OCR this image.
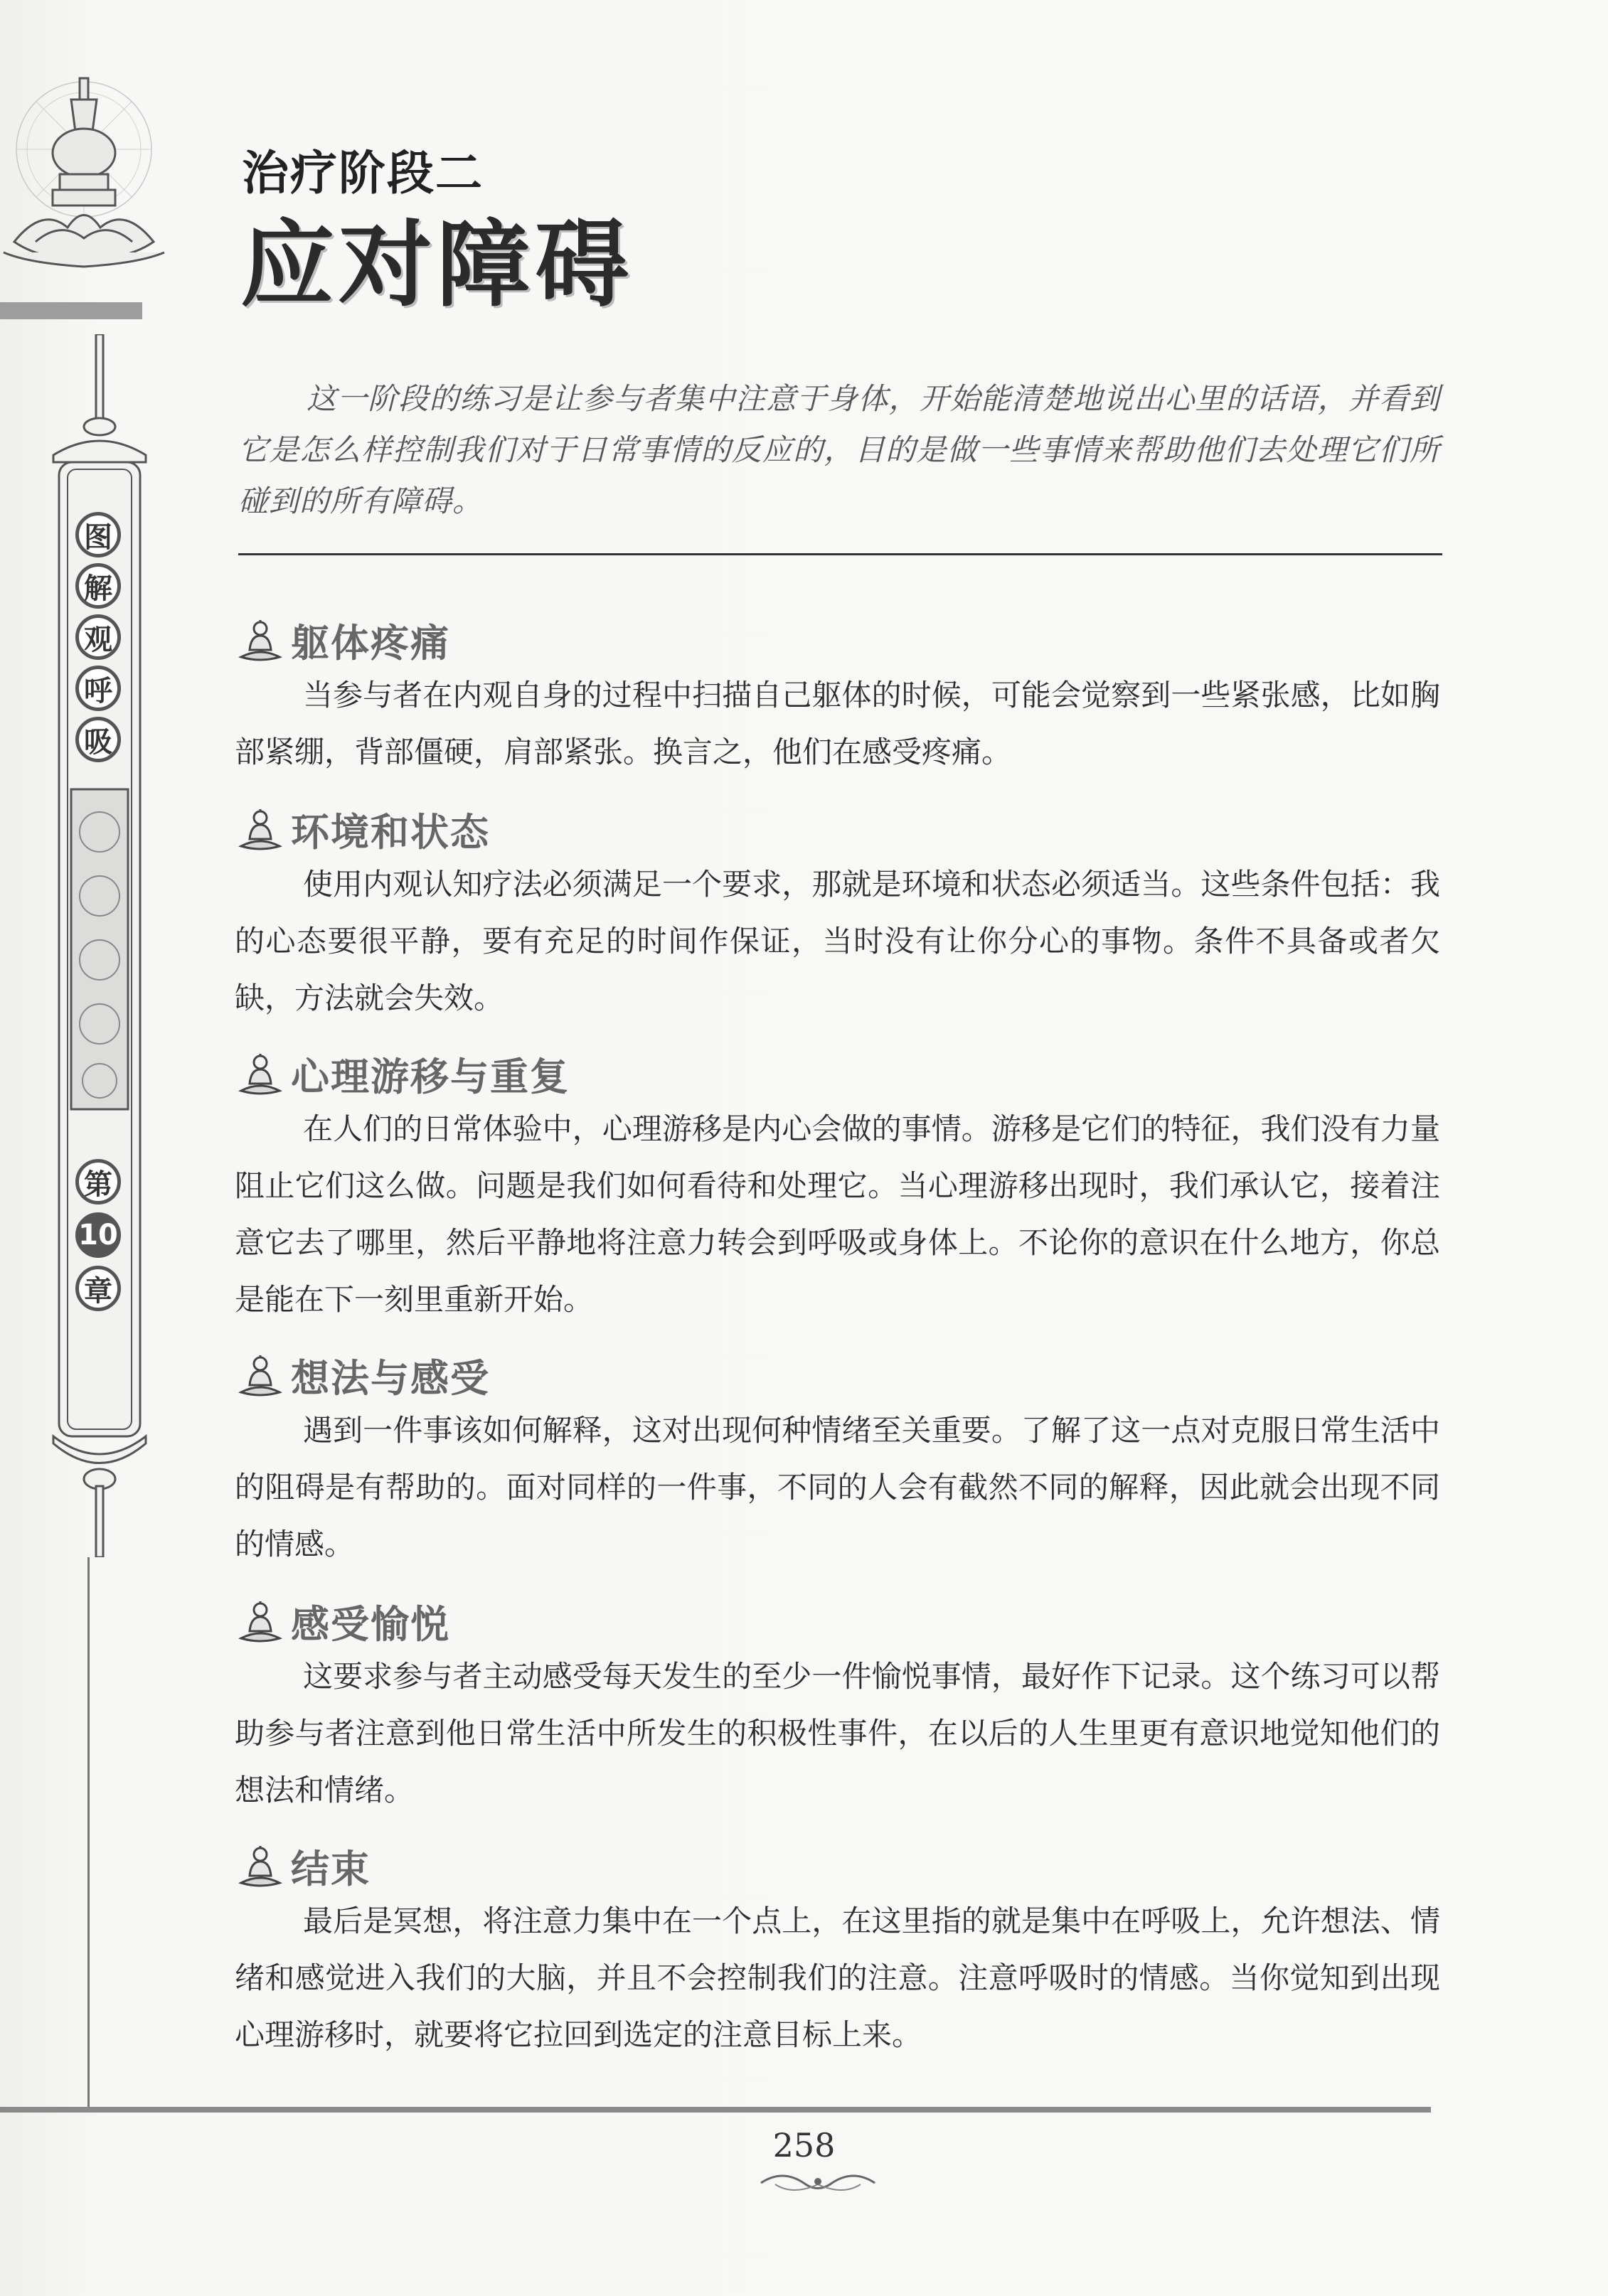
图
解
观
呼
吸
第
10
章
治疗阶段二
应对障碍

这一阶段的练习是让参与者集中注意于身体，开始能清楚地说出心里的话语，并看到它是怎么样控制我们对于日常事情的反应的，目的是做一些事情来帮助他们去处理它们所碰到的所有障碍。

躯体疼痛

当参与者在内观自身的过程中扫描自己躯体的时候，可能会觉察到一些紧张感，比如胸部紧绷，背部僵硬，肩部紧张。换言之，他们在感受疼痛。

环境和状态

使用内观认知疗法必须满足一个要求，那就是环境和状态必须适当。这些条件包括：我的心态要很平静，要有充足的时间作保证，当时没有让你分心的事物。条件不具备或者欠缺，方法就会失效。

心理游移与重复

在人们的日常体验中，心理游移是内心会做的事情。游移是它们的特征，我们没有力量阻止它们这么做。问题是我们如何看待和处理它。当心理游移出现时，我们承认它，接着注意它去了哪里，然后平静地将注意力转会到呼吸或身体上。不论你的意识在什么地方，你总是能在下一刻里重新开始。

想法与感受

遇到一件事该如何解释，这对出现何种情绪至关重要。了解了这一点对克服日常生活中的阻碍是有帮助的。面对同样的一件事，不同的人会有截然不同的解释，因此就会出现不同的情感。

感受愉悦

这要求参与者主动感受每天发生的至少一件愉悦事情，最好作下记录。这个练习可以帮助参与者注意到他日常生活中所发生的积极性事件，在以后的人生里更有意识地觉知他们的想法和情绪。

结束

最后是冥想，将注意力集中在一个点上，在这里指的就是集中在呼吸上，允许想法、情绪和感觉进入我们的大脑，并且不会控制我们的注意。注意呼吸时的情感。当你觉知到出现心理游移时，就要将它拉回到选定的注意目标上来。

258
